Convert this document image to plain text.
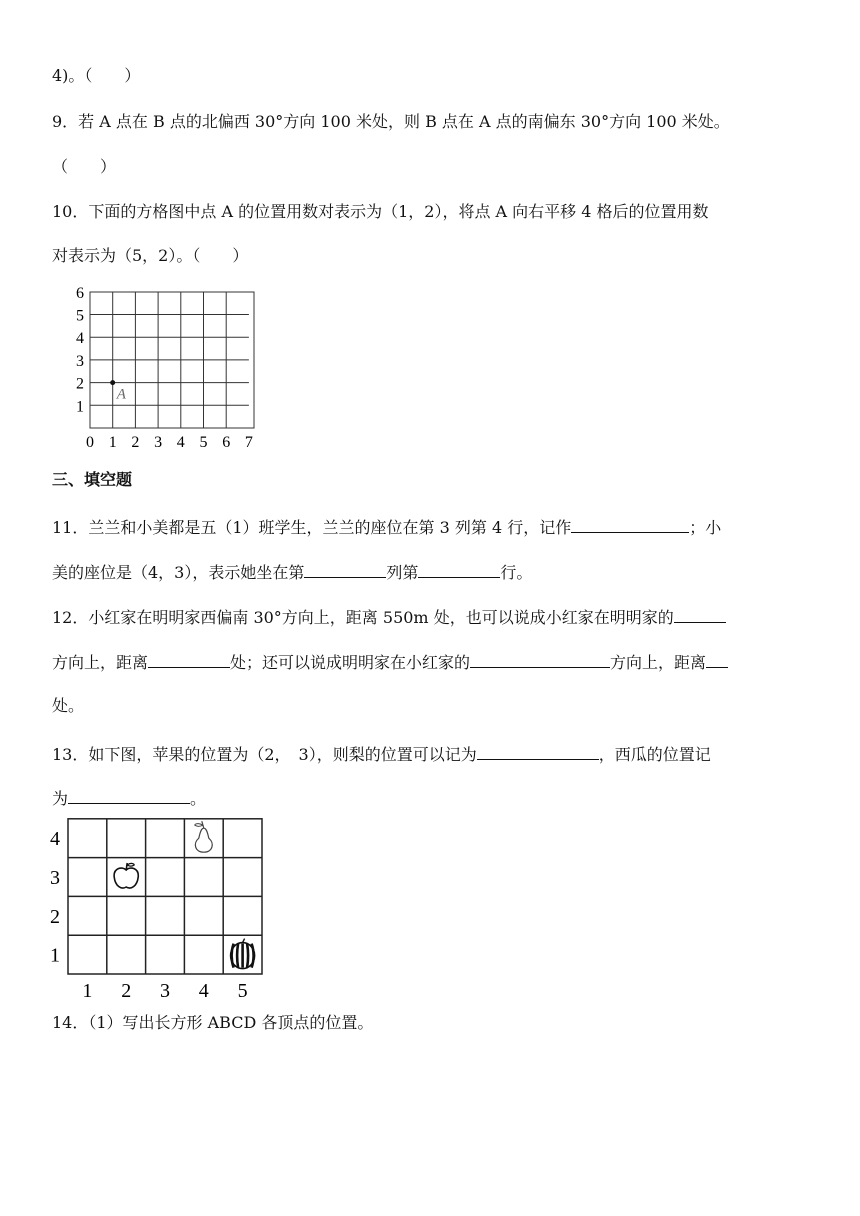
4)。（　　）
9．若 A 点在 B 点的北偏西 30°方向 100 米处，则 B 点在 A 点的南偏东 30°方向 100 米处。
（　　）
10．下面的方格图中点 A 的位置用数对表示为（1，2），将点 A 向右平移 4 格后的位置用数
对表示为（5，2）。（　　）
0 1 2 3 4 5 6 7
1
2
3
4
5
6
A
三、填空题
11．兰兰和小美都是五（1）班学生，兰兰的座位在第 3 列第 4 行，记作	；小
美的座位是（4，3），表示她坐在第	列第	行。
12．小红家在明明家西偏南 30°方向上，距离 550m 处，也可以说成小红家在明明家的
方向上，距离	处；还可以说成明明家在小红家的	方向上，距离
处。
13．如下图，苹果的位置为（2，　3），则梨的位置可以记为	，西瓜的位置记
为	。
1 2 3 4 5
1
2
3
4
14．（1）写出长方形 ABCD 各顶点的位置。
